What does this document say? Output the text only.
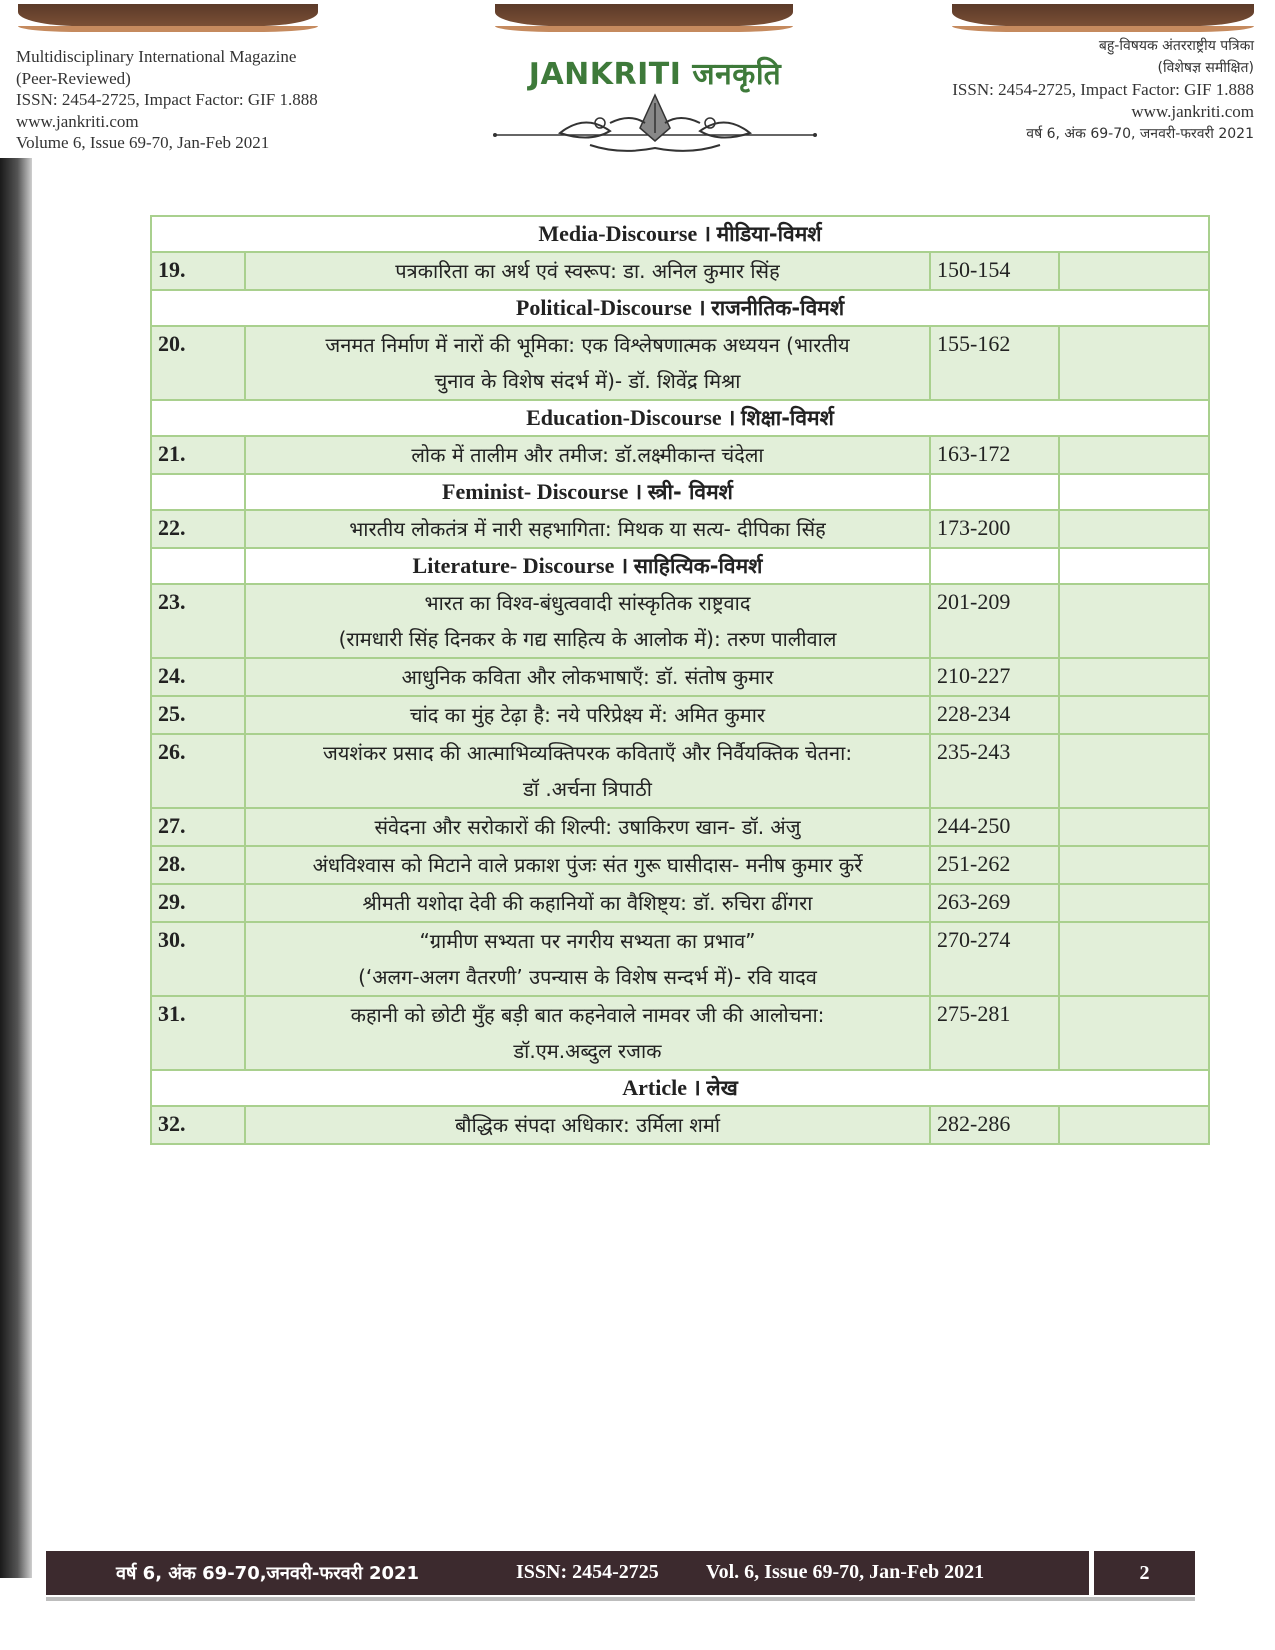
Multidisciplinary International Magazine
(Peer-Reviewed)
ISSN: 2454-2725, Impact Factor: GIF 1.888
www.jankriti.com
Volume 6, Issue 69-70, Jan-Feb 2021
JANKRITI जनकृति
बहु-विषयक अंतरराष्ट्रीय पत्रिका
(विशेषज्ञ समीक्षित)
ISSN: 2454-2725, Impact Factor: GIF 1.888
www.jankriti.com
वर्ष 6, अंक 69-70, जनवरी-फरवरी 2021
Media-Discourse । मीडिया-विमर्श			
19.	पत्रकारिता का अर्थ एवं स्वरूप: डा. अनिल कुमार सिंह	150-154	
Political-Discourse । राजनीतिक-विमर्श			
20.	जनमत निर्माण में नारों की भूमिका: एक विश्लेषणात्मक अध्ययन (भारतीय
चुनाव के विशेष संदर्भ में)- डॉ. शिवेंद्र मिश्रा	155-162	
Education-Discourse । शिक्षा-विमर्श			
21.	लोक में तालीम और तमीज: डॉ.लक्ष्मीकान्त चंदेला	163-172	
	Feminist- Discourse । स्त्री- विमर्श		
22.	भारतीय लोकतंत्र में नारी सहभागिता: मिथक या सत्य- दीपिका सिंह	173-200	
	Literature- Discourse । साहित्यिक-विमर्श		
23.	भारत का विश्व-बंधुत्ववादी सांस्कृतिक राष्ट्रवाद
(रामधारी सिंह दिनकर के गद्य साहित्य के आलोक में): तरुण पालीवाल	201-209	
24.	आधुनिक कविता और लोकभाषाएँ: डॉ. संतोष कुमार	210-227	
25.	चांद का मुंह टेढ़ा है: नये परिप्रेक्ष्य में: अमित कुमार	228-234	
26.	जयशंकर प्रसाद की आत्माभिव्यक्तिपरक कविताएँ और निर्वैयक्तिक चेतना:
डॉ .अर्चना त्रिपाठी	235-243	
27.	संवेदना और सरोकारों की शिल्पी: उषाकिरण खान- डॉ. अंजु	244-250	
28.	अंधविश्वास को मिटाने वाले प्रकाश पुंजः संत गुरू घासीदास- मनीष कुमार कुर्रे	251-262	
29.	श्रीमती यशोदा देवी की कहानियों का वैशिष्ट्य: डॉ. रुचिरा ढींगरा	263-269	
30.	“ग्रामीण सभ्यता पर नगरीय सभ्यता का प्रभाव”
(‘अलग-अलग वैतरणी’ उपन्यास के विशेष सन्दर्भ में)- रवि यादव	270-274	
31.	कहानी को छोटी मुँह बड़ी बात कहनेवाले नामवर जी की आलोचना:
डॉ.एम.अब्दुल रजाक	275-281	
Article । लेख			
32.	बौद्धिक संपदा अधिकार: उर्मिला शर्मा	282-286	
वर्ष 6, अंक 69-70,जनवरी-फरवरी 2021	ISSN: 2454-2725 Vol. 6, Issue 69-70, Jan-Feb 2021	2
